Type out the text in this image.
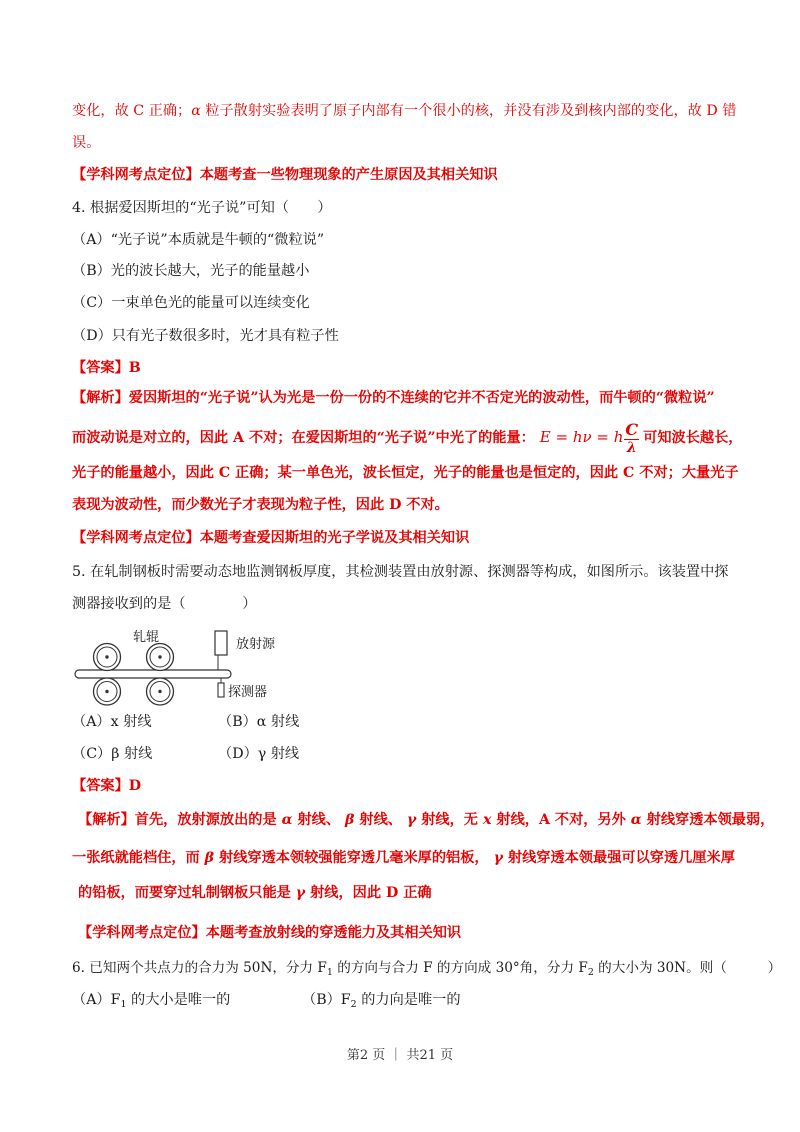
变化，故 C 正确；α 粒子散射实验表明了原子内部有一个很小的核，并没有涉及到核内部的变化，故 D 错
误。
【学科网考点定位】本题考查一些物理现象的产生原因及其相关知识
4. 根据爱因斯坦的“光子说”可知（　　）
（A）“光子说”本质就是牛顿的“微粒说”
（B）光的波长越大，光子的能量越小
（C）一束单色光的能量可以连续变化
（D）只有光子数很多时，光才具有粒子性
【答案】B
【解析】爱因斯坦的“光子说”认为光是一份一份的不连续的它并不否定光的波动性，而牛顿的“微粒说”
而波动说是对立的，因此 A 不对；在爱因斯坦的“光子说”中光了的能量： E = hν = h $\frac{C}{\lambda}$ 可知波长越长，
光子的能量越小，因此 C 正确；某一单色光，波长恒定，光子的能量也是恒定的，因此 C 不对；大量光子
表现为波动性，而少数光子才表现为粒子性，因此 D 不对。
【学科网考点定位】本题考查爱因斯坦的光子学说及其相关知识
5. 在轧制钢板时需要动态地监测钢板厚度，其检测装置由放射源、探测器等构成，如图所示。该装置中探
测器接收到的是（　　　　）
轧辊	放射源
探测器
（A）x 射线	（B）α 射线
（C）β 射线	（D）γ 射线
【答案】D
【解析】首先，放射源放出的是 α 射线、 β 射线、 γ 射线，无 x 射线，A 不对，另外 α 射线穿透本领最弱，
一张纸就能档住，而 β 射线穿透本领较强能穿透几毫米厚的铝板， γ 射线穿透本领最强可以穿透几厘米厚
的铅板，而要穿过轧制钢板只能是 γ 射线，因此 D 正确
【学科网考点定位】本题考查放射线的穿透能力及其相关知识
6. 已知两个共点力的合力为 50N，分力 $F_1$ 的方向与合力 F 的方向成 30°角，分力 $F_2$ 的大小为 30N。则（　　　）
$(A)F_1$ 的大小是唯一的	$(B)F_2$ 的力向是唯一的
第2 页 ｜ 共21 页
